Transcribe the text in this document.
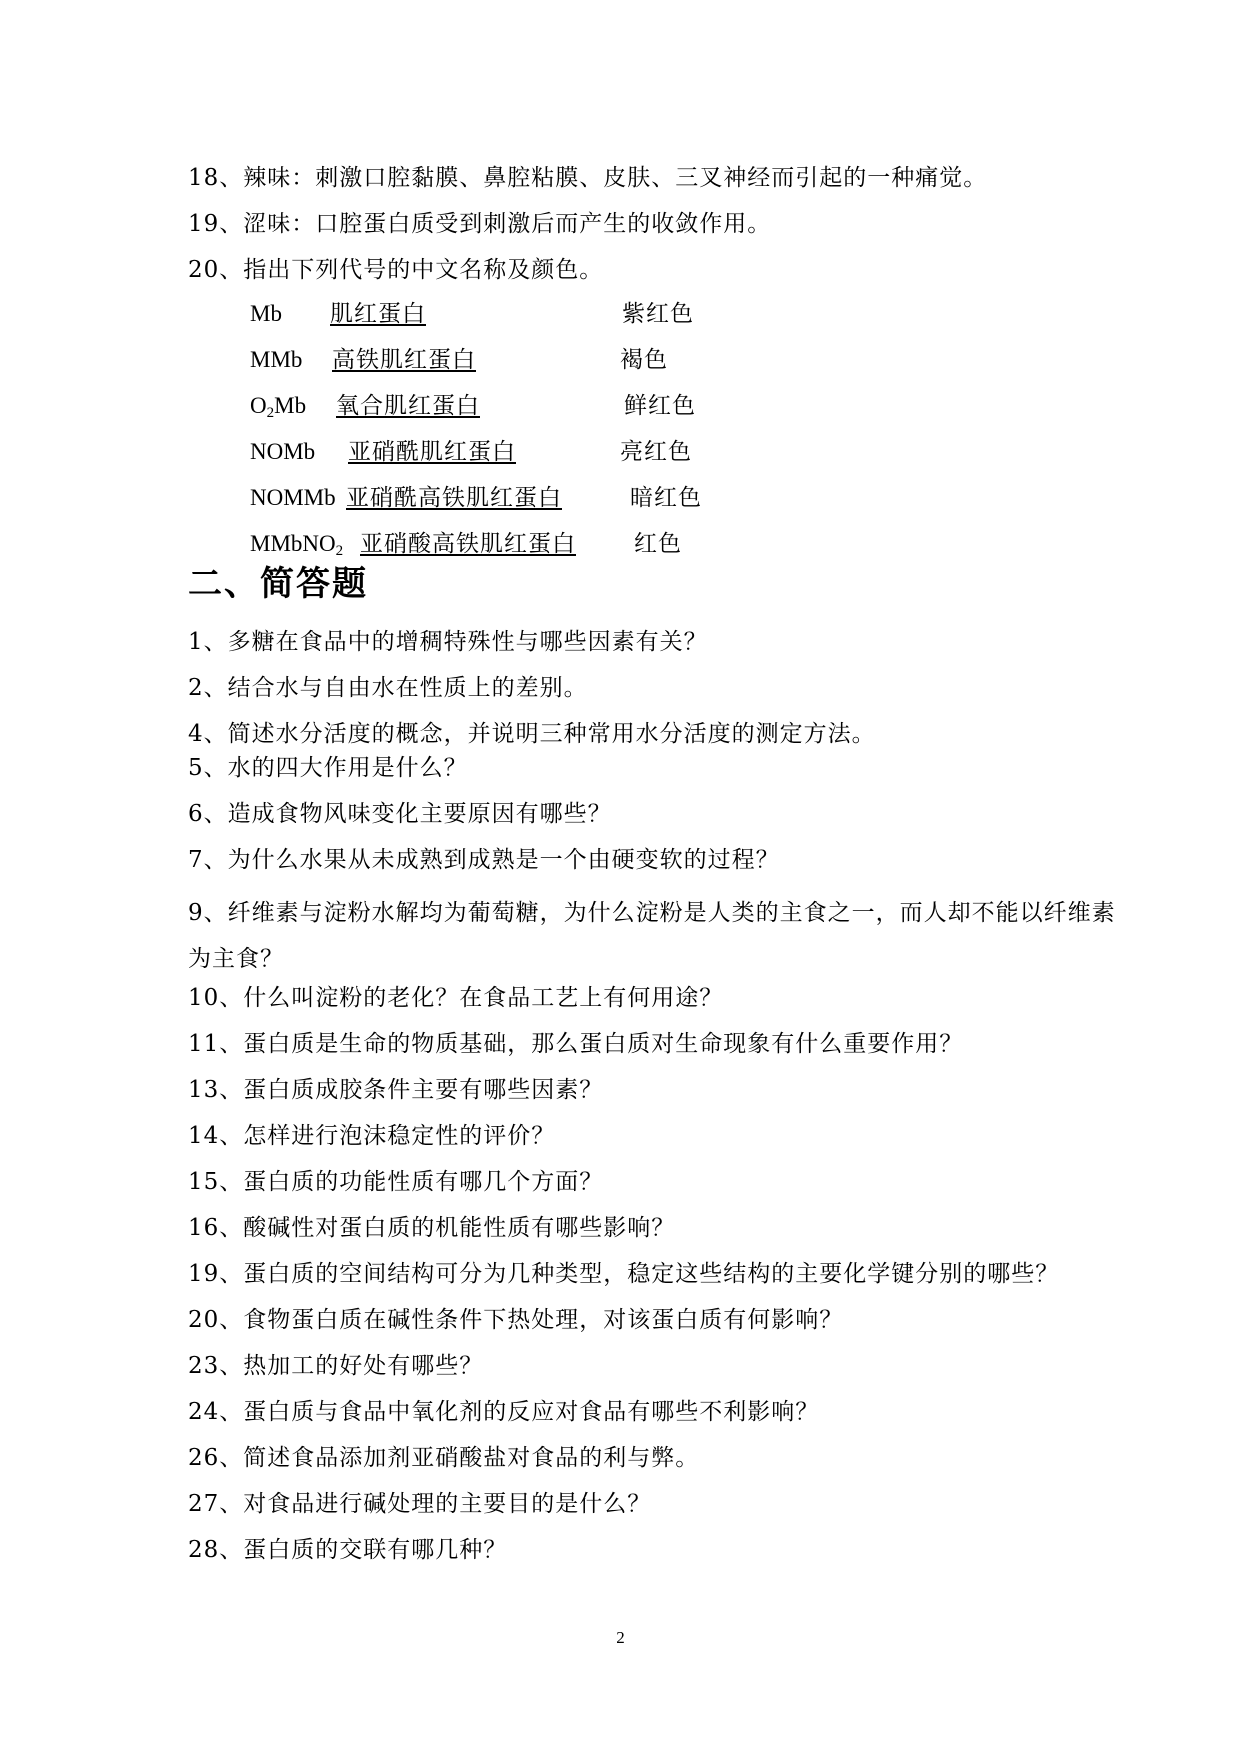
18、辣味：刺激口腔黏膜、鼻腔粘膜、皮肤、三叉神经而引起的一种痛觉。
19、涩味：口腔蛋白质受到刺激后而产生的收敛作用。
20、指出下列代号的中文名称及颜色。
Mb	肌红蛋白	紫红色
MMb	高铁肌红蛋白	褐色
$O_2Mb$	氧合肌红蛋白	鲜红色
NOMb	亚硝酰肌红蛋白	亮红色
NOMMb 亚硝酰高铁肌红蛋白	暗红色
MMbNO$_2$ 亚硝酸高铁肌红蛋白	红色
二、简答题
1、多糖在食品中的增稠特殊性与哪些因素有关？
2、结合水与自由水在性质上的差别。
4、简述水分活度的概念，并说明三种常用水分活度的测定方法。
5、水的四大作用是什么？
6、造成食物风味变化主要原因有哪些？
7、为什么水果从未成熟到成熟是一个由硬变软的过程？
9、纤维素与淀粉水解均为葡萄糖，为什么淀粉是人类的主食之一，而人却不能以纤维素为主食？
10、什么叫淀粉的老化？在食品工艺上有何用途？
11、蛋白质是生命的物质基础，那么蛋白质对生命现象有什么重要作用？
13、蛋白质成胶条件主要有哪些因素？
14、怎样进行泡沫稳定性的评价？
15、蛋白质的功能性质有哪几个方面？
16、酸碱性对蛋白质的机能性质有哪些影响？
19、蛋白质的空间结构可分为几种类型，稳定这些结构的主要化学键分别的哪些？
20、食物蛋白质在碱性条件下热处理，对该蛋白质有何影响？
23、热加工的好处有哪些？
24、蛋白质与食品中氧化剂的反应对食品有哪些不利影响？
26、简述食品添加剂亚硝酸盐对食品的利与弊。
27、对食品进行碱处理的主要目的是什么？
28、蛋白质的交联有哪几种？
2
